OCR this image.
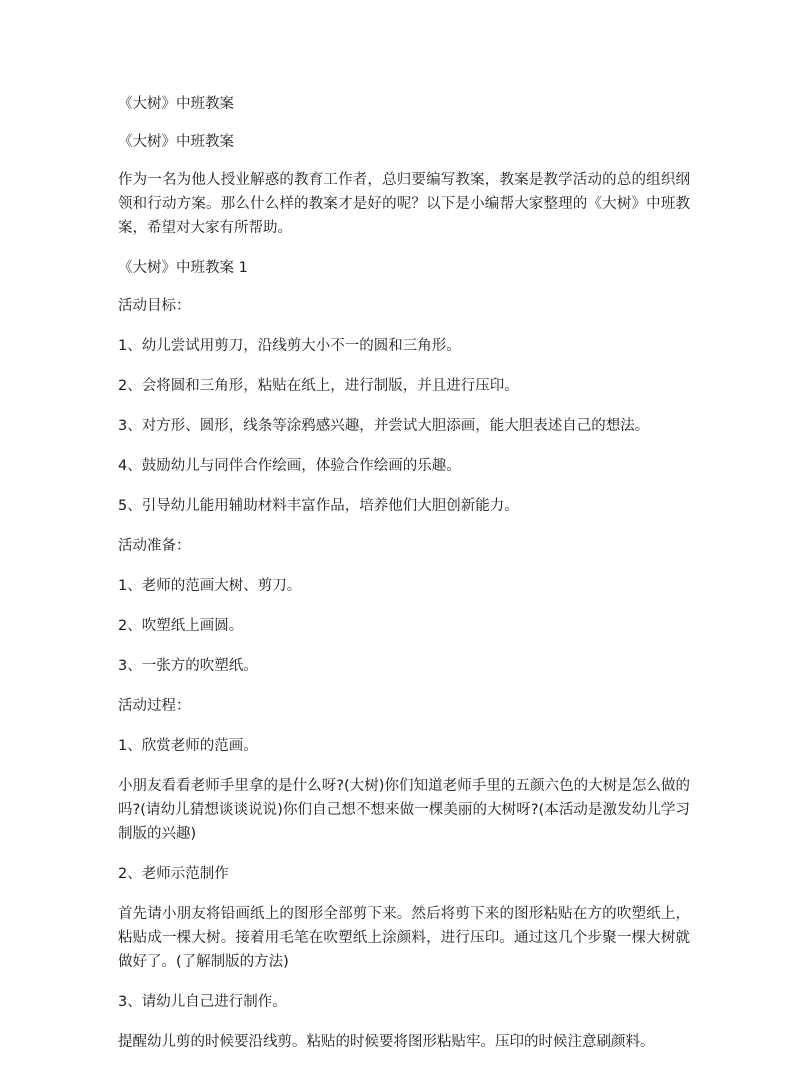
《大树》中班教案

《大树》中班教案

作为一名为他人授业解惑的教育工作者，总归要编写教案，教案是教学活动的总的组织纲领和行动方案。那么什么样的教案才是好的呢？以下是小编帮大家整理的《大树》中班教案，希望对大家有所帮助。

《大树》中班教案 1

活动目标：

1、幼儿尝试用剪刀，沿线剪大小不一的圆和三角形。

2、会将圆和三角形，粘贴在纸上，进行制版，并且进行压印。

3、对方形、圆形，线条等涂鸦感兴趣，并尝试大胆添画，能大胆表述自己的想法。

4、鼓励幼儿与同伴合作绘画，体验合作绘画的乐趣。

5、引导幼儿能用辅助材料丰富作品，培养他们大胆创新能力。

活动准备：

1、老师的范画大树、剪刀。

2、吹塑纸上画圆。

3、一张方的吹塑纸。

活动过程：

1、欣赏老师的范画。

小朋友看看老师手里拿的是什么呀?(大树)你们知道老师手里的五颜六色的大树是怎么做的吗?(请幼儿猜想谈谈说说)你们自己想不想来做一棵美丽的大树呀?(本活动是激发幼儿学习制版的兴趣)

2、老师示范制作

首先请小朋友将铅画纸上的图形全部剪下来。然后将剪下来的图形粘贴在方的吹塑纸上，粘贴成一棵大树。接着用毛笔在吹塑纸上涂颜料，进行压印。通过这几个步聚一棵大树就做好了。(了解制版的方法)

3、请幼儿自己进行制作。

提醒幼儿剪的时候要沿线剪。粘贴的时候要将图形粘贴牢。压印的时候注意刷颜料。
